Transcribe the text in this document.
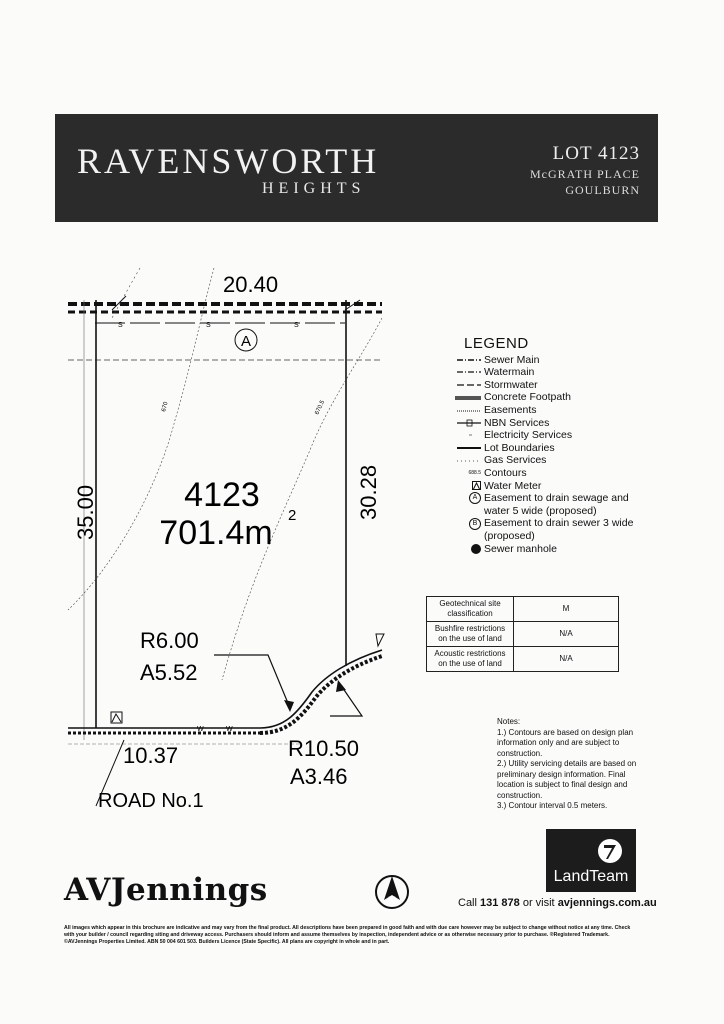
RAVENSWORTH
HEIGHTS
LOT 4123
McGRATH PLACE
GOULBURN
S	S	S
670	670.5
W	W
A
20.40
35.00	30.28
10.37
R6.00
A5.52
R10.50
A3.46
ROAD No.1
4123
701.4m 2
N
LEGEND
Sewer Main
Watermain
Stormwater
Concrete Footpath
Easements
NBN Services
Electricity Services
Lot Boundaries
Gas Services
688.5 Contours
Water Meter
A Easement to drain sewage and water 5 wide (proposed)
B Easement to drain sewer 3 wide (proposed)
Sewer manhole
Geotechnical site classification	M
Bushfire restrictions on the use of land	N/A
Acoustic restrictions on the use of land	N/A
Notes:
1.) Contours are based on design plan information only and are subject to construction.
2.) Utility servicing details are based on preliminary design information. Final location is subject to final design and construction.
3.) Contour interval 0.5 meters.
LandTeam
AVJennings	Call 131 878 or visit avjennings.com.au
All images which appear in this brochure are indicative and may vary from the final product. All descriptions have been prepared in good faith and with due care however may be subject to change without notice at any time. Check with your builder / council regarding siting and driveway access. Purchasers should inform and assume themselves by inspection, independent advice or as otherwise necessary prior to purchase. ®Registered Trademark. ©AVJennings Properties Limited. ABN 50 004 601 503. Builders Licence (State Specific). All plans are copyright in whole and in part.
